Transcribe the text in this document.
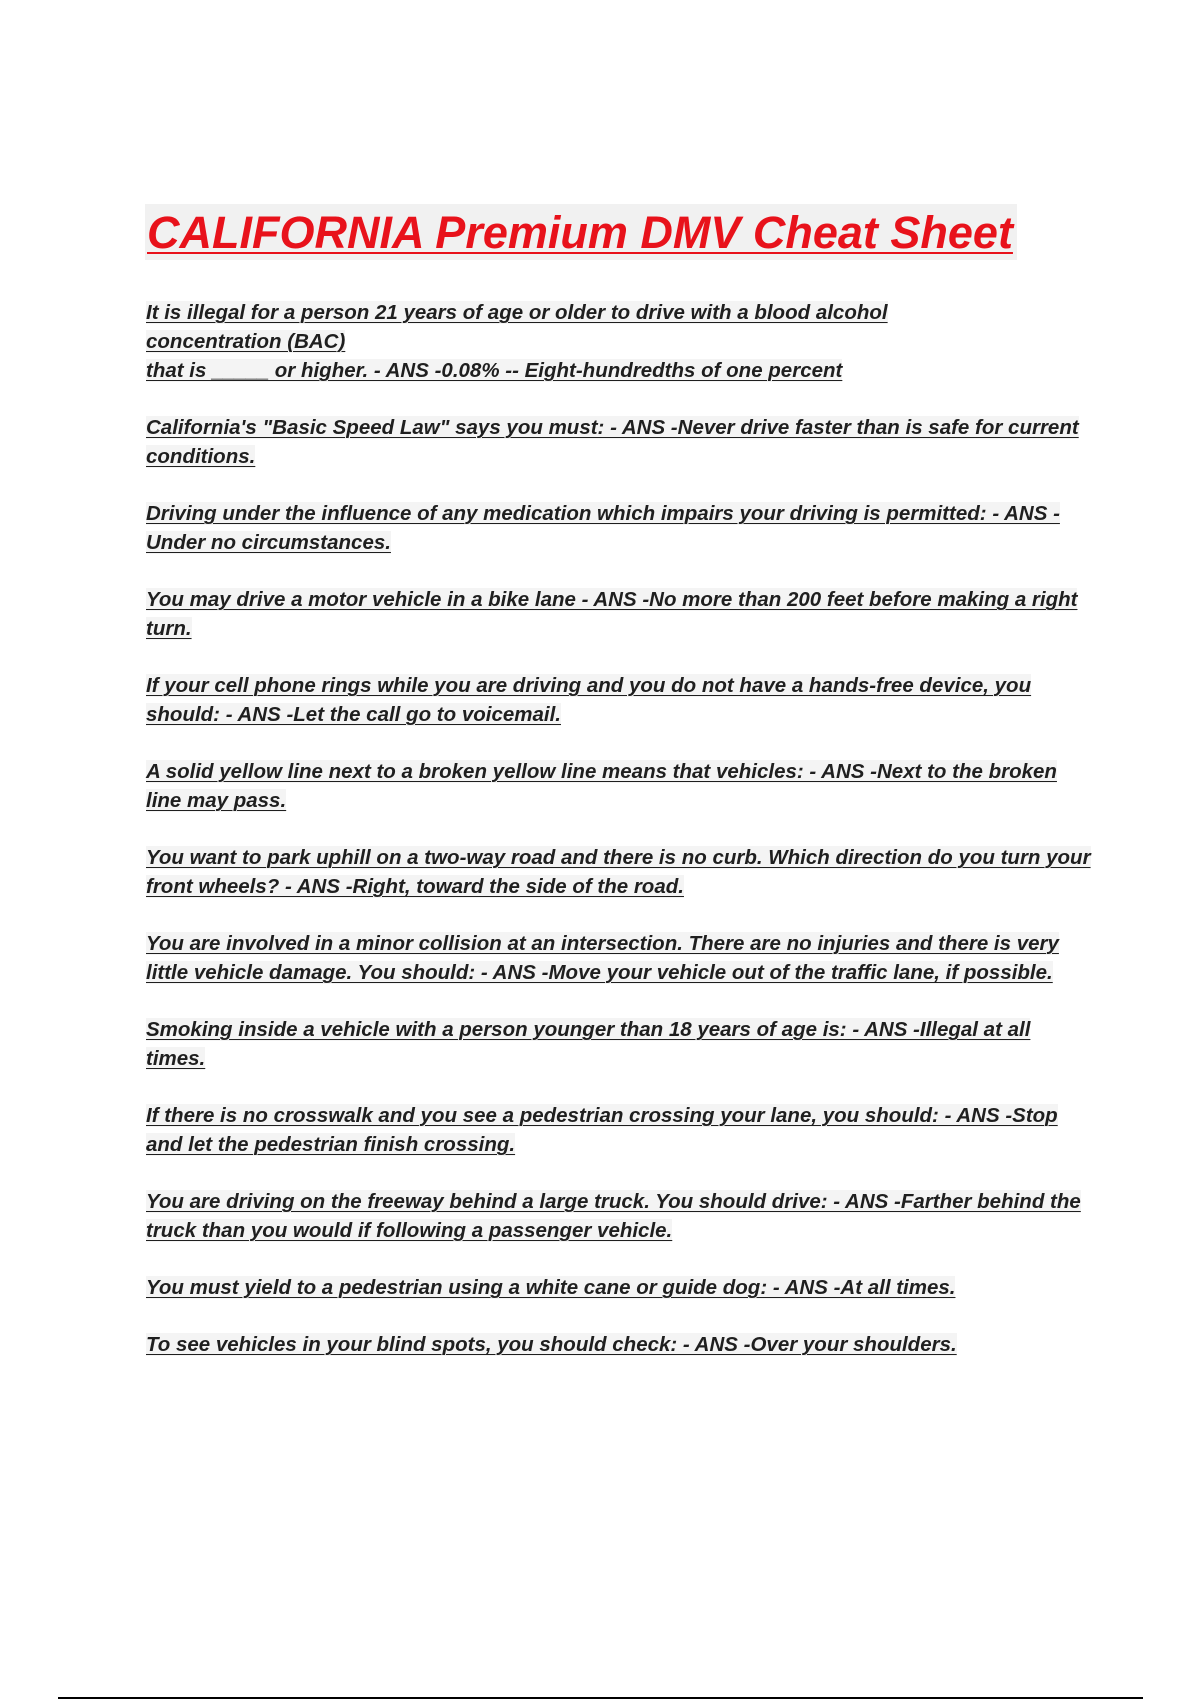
CALIFORNIA Premium DMV Cheat Sheet
It is illegal for a person 21 years of age or older to drive with a blood alcohol
concentration (BAC)
that is _____ or higher. - ANS -0.08% -- Eight-hundredths of one percent
California's "Basic Speed Law" says you must: - ANS -Never drive faster than is safe for current conditions.
Driving under the influence of any medication which impairs your driving is permitted: - ANS -Under no circumstances.
You may drive a motor vehicle in a bike lane - ANS -No more than 200 feet before making a right turn.
If your cell phone rings while you are driving and you do not have a hands-free device, you should: - ANS -Let the call go to voicemail.
A solid yellow line next to a broken yellow line means that vehicles: - ANS -Next to the broken line may pass.
You want to park uphill on a two-way road and there is no curb. Which direction do you turn your front wheels? - ANS -Right, toward the side of the road.
You are involved in a minor collision at an intersection. There are no injuries and there is very little vehicle damage. You should: - ANS -Move your vehicle out of the traffic lane, if possible.
Smoking inside a vehicle with a person younger than 18 years of age is: - ANS -Illegal at all times.
If there is no crosswalk and you see a pedestrian crossing your lane, you should: - ANS -Stop and let the pedestrian finish crossing.
You are driving on the freeway behind a large truck. You should drive: - ANS -Farther behind the truck than you would if following a passenger vehicle.
You must yield to a pedestrian using a white cane or guide dog: - ANS -At all times.
To see vehicles in your blind spots, you should check: - ANS -Over your shoulders.
